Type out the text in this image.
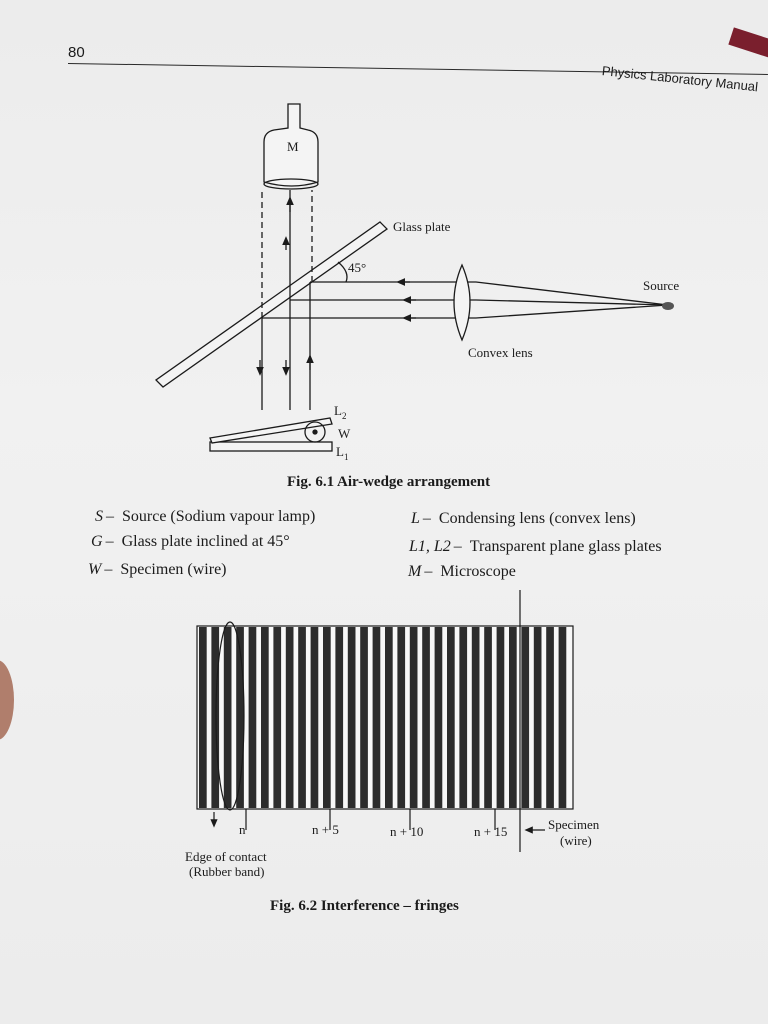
80
Physics Laboratory Manual
M
Glass plate
45°
Source
Convex lens
$L_2$
W
$L_1$
Fig. 6.1 Air-wedge arrangement
S – Source (Sodium vapour lamp)
G – Glass plate inclined at 45°
W – Specimen (wire)
L – Condensing lens (convex lens)
L1, L2 – Transparent plane glass plates
M – Microscope
n	n + 5	n + 10	n + 15	Specimen
(wire)
Edge of contact
(Rubber band)
Fig. 6.2 Interference – fringes
